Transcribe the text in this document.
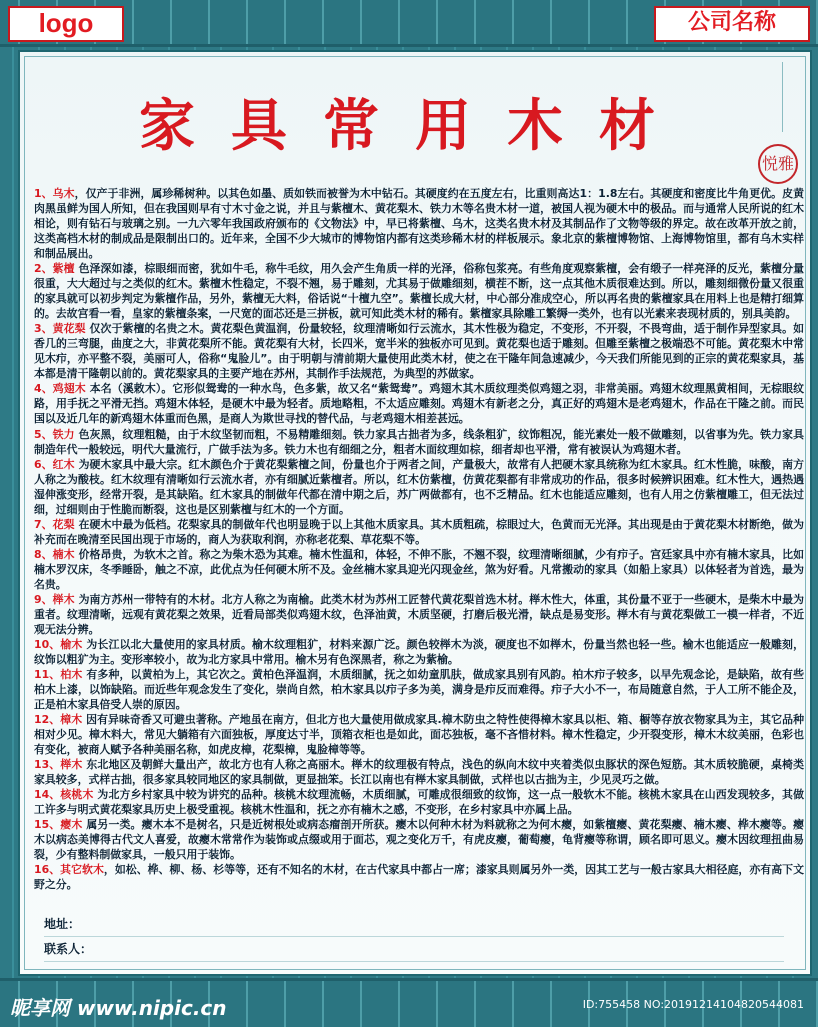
logo	公司名称
家具常用木材
悦雅

1、乌木，仅产于非洲，属珍稀树种。以其色如墨、质如铁而被誉为木中钻石。其硬度约在五度左右，比重则高达1：1.8左右。其硬度和密度比牛角更优。皮黄肉黑虽鲜为国人所知，但在我国则早有寸木寸金之说，并且与紫檀木、黄花梨木、铁力木等名贵木材一道，被国人视为硬木中的极品。而与通常人民所说的红木相论，则有钻石与玻璃之别。一九六零年我国政府颁布的《文物法》中，早已将紫檀、乌木，这类名贵木材及其制品作了文物等级的界定。故在改革开放之前，这类高档木材的制成品是限制出口的。近年来，全国不少大城市的博物馆内都有这类珍稀木材的样板展示。象北京的紫檀博物馆、上海博物馆里，都有乌木实样和制品展出。

2、紫檀 色泽深如漆，棕眼细而密，犹如牛毛，称牛毛纹，用久会产生角质一样的光泽，俗称包浆亮。有些角度观察紫檀，会有缎子一样亮泽的反光，紫檀分量很重，大大超过与之类似的红木。紫檀木性稳定，不裂不翘，易于雕刻，尤其易于做雕细刻，横茬不断，这一点其他木质很难达到。所以，雕刻细微份量又很重的家具就可以初步判定为紫檀作品，另外，紫檀无大料，俗话说“十檀九空”。紫檀长成大材，中心部分准成空心，所以再名贵的紫檀家具在用料上也是精打细算的。去故宫看一看，皇家的紫檀条案，一尺宽的面芯还是三拼板，就可知此类木材的稀有。紫檀家具除雕工繁缛一类外，也有以光素来表现材质的，别具美韵。

3、黄花梨 仅次于紫檀的名贵之木。黄花梨色黄温润，份量较轻，纹理清晰如行云流水，其木性极为稳定，不变形，不开裂，不畏弯曲，适于制作异型家具。如香几的三弯腿，曲度之大，非黄花梨所不能。黄花梨有大材，长四米，宽半米的独板亦可见到。黄花梨也适于雕刻。但雕至紫檀之极端恐不可能。黄花梨木中常见木疖，亦平整不裂，美丽可人，俗称“鬼脸儿”。由于明朝与清前期大量使用此类木材，使之在干隆年间急速减少，今天我们所能见到的正宗的黄花梨家具，基本都是清干隆朝以前的。黄花梨家具的主要产地在苏州，其制作手法规范，为典型的苏做家。

4、鸡翅木 本名（溪敕木）。它形似鸳鸯的一种水鸟，色多紫，故又名“紫鸳鸯”。鸡翅木其木质纹理类似鸡翅之羽，非常美丽。鸡翅木纹理黑黄相间，无棕眼纹路，用手抚之平滑无挡。鸡翅木体轻，是硬木中最为轻者。质地略粗，不太适应雕刻。鸡翅木有新老之分，真正好的鸡翅木是老鸡翅木，作品在干隆之前。而民国以及近几年的新鸡翅木体重而色黑，是商人为欺世寻找的替代品，与老鸡翅木相差甚远。

5、铁力 色灰黑，纹理粗糙，由于木纹坚韧而粗，不易精雕细刻。铁力家具古拙者为多，线条粗犷，纹饰粗况，能光素处一般不做雕刻，以省事为先。铁力家具制造年代一般较远，明代大量流行，广做手法为多。铁力木也有细细之分，粗者木面纹理如棕，细者却也平滑，常有被误认为鸡翅木者。

6、红木 为硬木家具中最大宗。红木颜色介于黄花梨紫檀之间，份量也介于两者之间，产量极大，故常有人把硬木家具统称为红木家具。红木性脆，味酸，南方人称之为酸枝。红木纹理有清晰如行云流水者，亦有细腻近紫檀者。所以，红木仿紫檀，仿黄花梨都有非常成功的作品，很多时候辨识困难。红木性大，遇热遇湿伸涨变形，经常开裂，是其缺陷。红木家具的制做年代都在清中期之后，苏广两做都有，也不乏精品。红木也能适应雕刻，也有人用之仿紫檀雕工，但无法过细，过细则由于性脆而断裂，这也是区别紫檀与红木的一个方面。

7、花梨 在硬木中最为低档。花梨家具的制做年代也明显晚于以上其他木质家具。其木质粗疏，棕眼过大，色黄而无光泽。其出现是由于黄花梨木材断绝，做为补充而在晚清至民国出现于市场的，商人为获取利润，亦称老花梨、草花梨不等。

8、楠木 价格昂贵，为软木之首。称之为柴木恐为其难。楠木性温和，体轻，不伸不胀，不翘不裂，纹理清晰细腻，少有疖子。宫廷家具中亦有楠木家具，比如楠木罗汉床，冬季睡卧，触之不凉，此优点为任何硬木所不及。金丝楠木家具迎光闪现金丝，煞为好看。凡常搬动的家具（如船上家具）以体轻者为首选，最为名贵。

9、榉木 为南方苏州一带特有的木材。北方人称之为南榆。此类木材为苏州工匠替代黄花梨首选木材。榉木性大，体重，其份量不亚于一些硬木，是柴木中最为重者。纹理清晰，远观有黄花梨之效果，近看局部类似鸡翅木纹，色泽油黄，木质坚硬，打磨后极光滑，缺点是易变形。榉木有与黄花梨做工一模一样者，不近观无法分辨。

10、榆木 为长江以北大量使用的家具材质。榆木纹理粗犷，材料来源广泛。颜色较榉木为淡，硬度也不如榉木，份量当然也轻一些。榆木也能适应一般雕刻，纹饰以粗犷为主。变形率较小，故为北方家具中常用。榆木另有色深黑者，称之为紫榆。

11、柏木 有多种，以黄柏为上，其它次之。黄柏色泽温润，木质细腻，抚之如幼童肌肤，做成家具别有风韵。柏木疖子较多，以早先观念论，是缺陷，故有些柏木上漆，以饰缺陷。而近些年观念发生了变化，崇尚自然，柏木家具以疖子多为美，满身是疖反而难得。疖子大小不一，布局随意自然，于人工所不能企及，正是柏木家具倍受人崇的原因。

12、樟木 因有异味奇香又可避虫著称。产地虽在南方，但北方也大量使用做成家具.樟木防虫之特性使得樟木家具以柜、箱、橱等存放衣物家具为主，其它品种相对少见。樟木料大，常见大躺箱有六面独板，厚度达寸半，顶箱衣柜也是如此，面芯独板，毫不吝惜材料。樟木性稳定，少开裂变形，樟木木纹美丽，色彩也有变化，被商人赋予各种美丽名称，如虎皮樟，花梨樟，鬼脸樟等等。

13、榉木 东北地区及朝鲜大量出产，故北方也有人称之高丽木。榉木的纹理极有特点，浅色的纵向木纹中夹着类似虫豚状的深色短筋。其木质较脆硬，桌椅类家具较多，式样古拙，很多家具较同地区的家具制做，更显拙笨。长江以南也有榉木家具制做，式样也以古拙为主，少见灵巧之做。

14、核桃木 为北方乡村家具中较为讲究的品种。核桃木纹理流畅，木质细腻，可雕成很细致的纹饰，这一点一般软木不能。核桃木家具在山西发现较多，其做工许多与明式黄花梨家具历史上极受重视。核桃木性温和，抚之亦有楠木之感，不变形，在乡村家具中亦属上品。

15、瘿木 属另一类。瘿木本不是树名，只是近树根处或病态瘤剖开所获。瘿木以何种木材为料就称之为何木瘿，如紫檀瘿、黄花梨瘿、楠木瘿、桦木瘿等。瘿木以病态美博得古代文人喜爱，故瘿木常常作为装饰或点缀或用于面芯，观之变化万千，有虎皮瘿，葡萄瘿，龟背瘿等称谓，顾名即可思义。瘿木因纹理扭曲易裂，少有整料制做家具，一般只用于装饰。

16、其它软木，如松、桦、柳、杨、杉等等，还有不知名的木材，在古代家具中都占一席；漆家具则属另外一类，因其工艺与一般古家具大相径庭，亦有高下文野之分。

地址：
联系人：
昵享网 www.nipic.cn	ID:755458 NO:20191214104820544081
